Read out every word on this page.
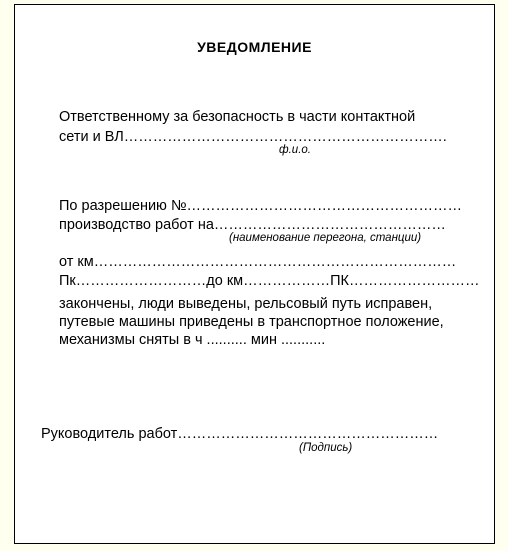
УВЕДОМЛЕНИЕ
Ответственному за безопасность в части контактной
сети и ВЛ………………………………………………………….
ф.и.о.
По разрешению №…………………………………………………
производство работ на…………………………………………
(наименование перегона, станции)
от км…………………………………………………………………
Пк………………………до км………………ПК………………………
закончены, люди выведены, рельсовый путь исправен,
путевые машины приведены в транспортное положение,
механизмы сняты в ч .......... мин ...........
Руководитель работ………………………………………………
(Подпись)
